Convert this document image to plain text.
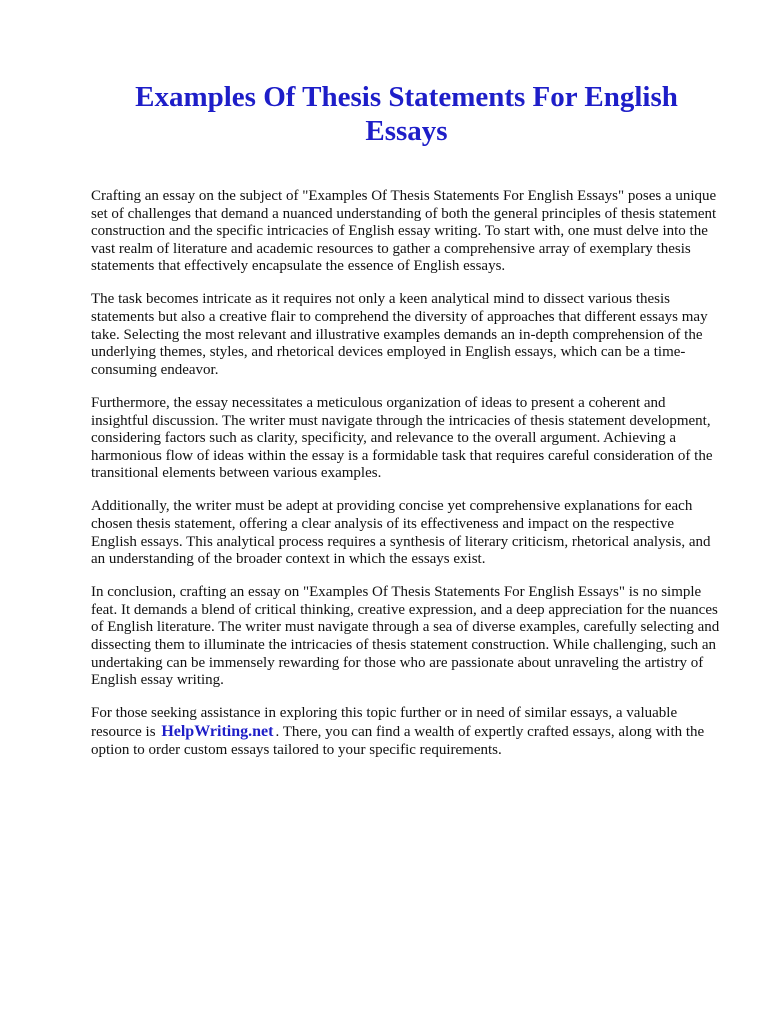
Examples Of Thesis Statements For English Essays

Crafting an essay on the subject of "Examples Of Thesis Statements For English Essays" poses a unique set of challenges that demand a nuanced understanding of both the general principles of thesis statement construction and the specific intricacies of English essay writing. To start with, one must delve into the vast realm of literature and academic resources to gather a comprehensive array of exemplary thesis statements that effectively encapsulate the essence of English essays.

The task becomes intricate as it requires not only a keen analytical mind to dissect various thesis statements but also a creative flair to comprehend the diversity of approaches that different essays may take. Selecting the most relevant and illustrative examples demands an in-depth comprehension of the underlying themes, styles, and rhetorical devices employed in English essays, which can be a time-consuming endeavor.

Furthermore, the essay necessitates a meticulous organization of ideas to present a coherent and insightful discussion. The writer must navigate through the intricacies of thesis statement development, considering factors such as clarity, specificity, and relevance to the overall argument. Achieving a harmonious flow of ideas within the essay is a formidable task that requires careful consideration of the transitional elements between various examples.

Additionally, the writer must be adept at providing concise yet comprehensive explanations for each chosen thesis statement, offering a clear analysis of its effectiveness and impact on the respective English essays. This analytical process requires a synthesis of literary criticism, rhetorical analysis, and an understanding of the broader context in which the essays exist.

In conclusion, crafting an essay on "Examples Of Thesis Statements For English Essays" is no simple feat. It demands a blend of critical thinking, creative expression, and a deep appreciation for the nuances of English literature. The writer must navigate through a sea of diverse examples, carefully selecting and dissecting them to illuminate the intricacies of thesis statement construction. While challenging, such an undertaking can be immensely rewarding for those who are passionate about unraveling the artistry of English essay writing.

For those seeking assistance in exploring this topic further or in need of similar essays, a valuable resource is HelpWriting.net . There, you can find a wealth of expertly crafted essays, along with the option to order custom essays tailored to your specific requirements.
